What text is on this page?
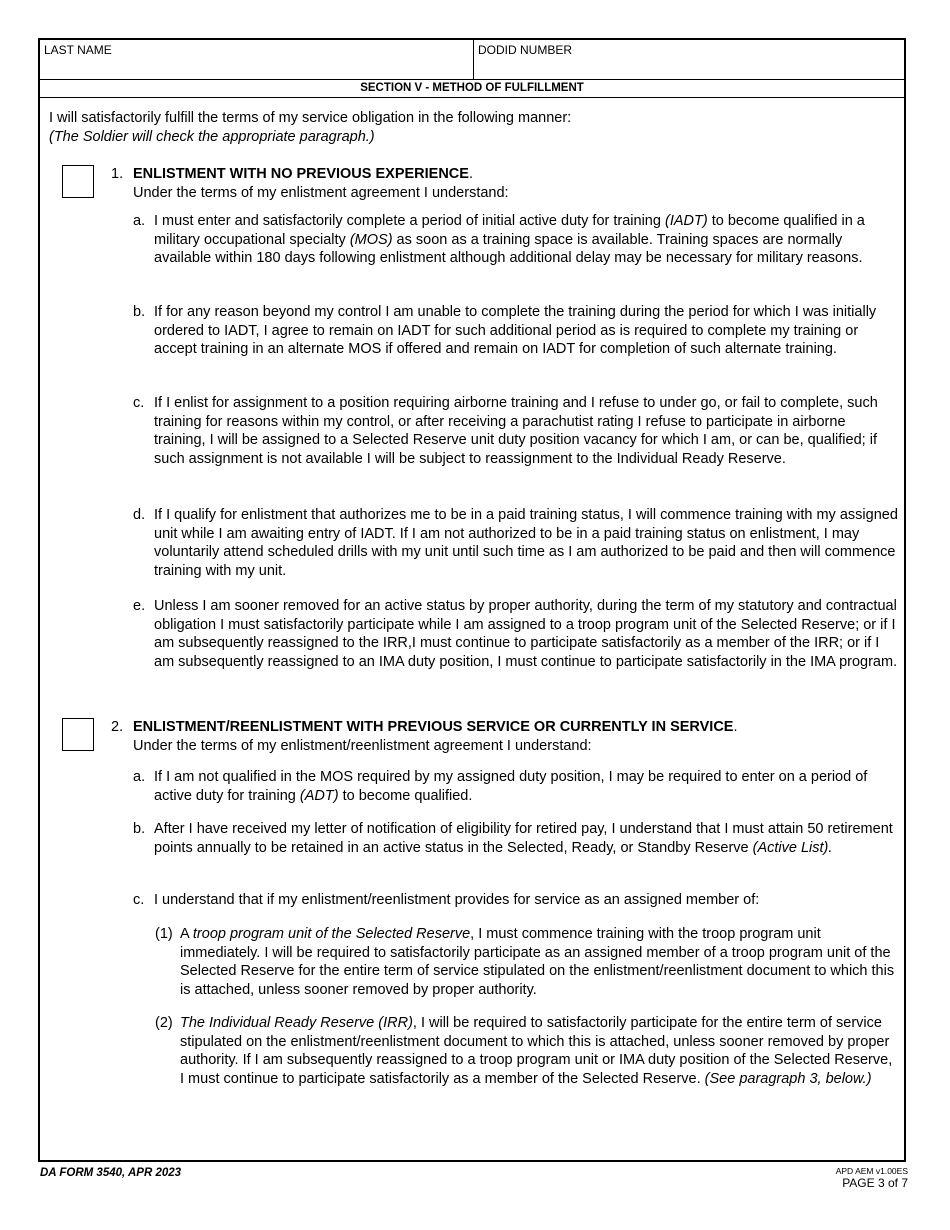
LAST NAME	DODID NUMBER
SECTION V - METHOD OF FULFILLMENT
I will satisfactorily fulfill the terms of my service obligation in the following manner:
(The Soldier will check the appropriate paragraph.)
1. ENLISTMENT WITH NO PREVIOUS EXPERIENCE.
Under the terms of my enlistment agreement I understand:
a. I must enter and satisfactorily complete a period of initial active duty for training (IADT) to become qualified in a military occupational specialty (MOS) as soon as a training space is available. Training spaces are normally available within 180 days following enlistment although additional delay may be necessary for military reasons.
b. If for any reason beyond my control I am unable to complete the training during the period for which I was initially ordered to IADT, I agree to remain on IADT for such additional period as is required to complete my training or accept training in an alternate MOS if offered and remain on IADT for completion of such alternate training.
c. If I enlist for assignment to a position requiring airborne training and I refuse to under go, or fail to complete, such training for reasons within my control, or after receiving a parachutist rating I refuse to participate in airborne training, I will be assigned to a Selected Reserve unit duty position vacancy for which I am, or can be, qualified; if such assignment is not available I will be subject to reassignment to the Individual Ready Reserve.
d. If I qualify for enlistment that authorizes me to be in a paid training status, I will commence training with my assigned unit while I am awaiting entry of IADT. If I am not authorized to be in a paid training status on enlistment, I may voluntarily attend scheduled drills with my unit until such time as I am authorized to be paid and then will commence training with my unit.
e. Unless I am sooner removed for an active status by proper authority, during the term of my statutory and contractual obligation I must satisfactorily participate while I am assigned to a troop program unit of the Selected Reserve; or if I am subsequently reassigned to the IRR,I must continue to participate satisfactorily as a member of the IRR; or if I am subsequently reassigned to an IMA duty position, I must continue to participate satisfactorily in the IMA program.
2. ENLISTMENT/REENLISTMENT WITH PREVIOUS SERVICE OR CURRENTLY IN SERVICE.
Under the terms of my enlistment/reenlistment agreement I understand:
a. If I am not qualified in the MOS required by my assigned duty position, I may be required to enter on a period of active duty for training (ADT) to become qualified.
b. After I have received my letter of notification of eligibility for retired pay, I understand that I must attain 50 retirement points annually to be retained in an active status in the Selected, Ready, or Standby Reserve (Active List).
c. I understand that if my enlistment/reenlistment provides for service as an assigned member of:
(1) A troop program unit of the Selected Reserve, I must commence training with the troop program unit immediately. I will be required to satisfactorily participate as an assigned member of a troop program unit of the Selected Reserve for the entire term of service stipulated on the enlistment/reenlistment document to which this is attached, unless sooner removed by proper authority.
(2) The Individual Ready Reserve (IRR), I will be required to satisfactorily participate for the entire term of service stipulated on the enlistment/reenlistment document to which this is attached, unless sooner removed by proper authority. If I am subsequently reassigned to a troop program unit or IMA duty position of the Selected Reserve, I must continue to participate satisfactorily as a member of the Selected Reserve. (See paragraph 3, below.)
DA FORM 3540, APR 2023	APD AEM v1.00ES
PAGE 3 of 7
